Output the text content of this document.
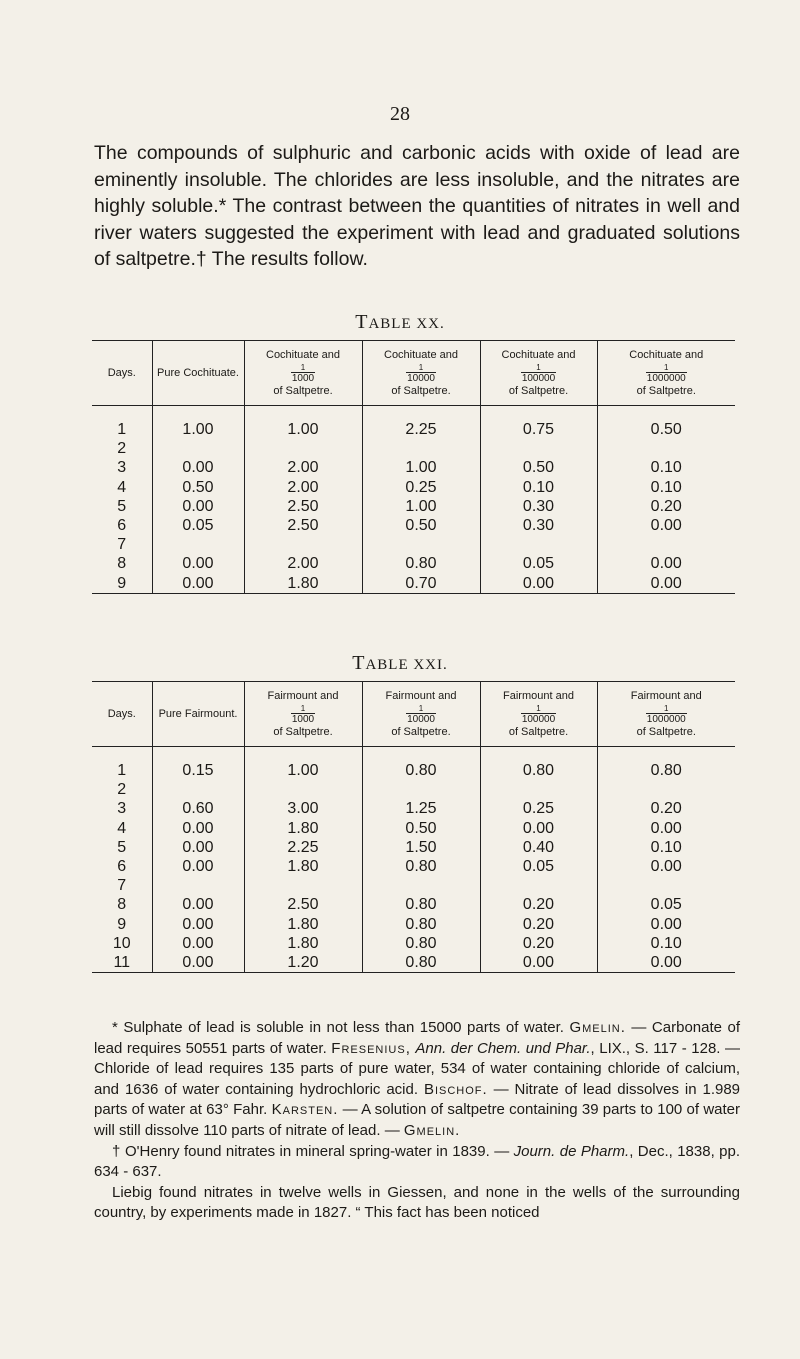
28

The compounds of sulphuric and carbonic acids with oxide of lead are eminently insoluble. The chlorides are less insoluble, and the nitrates are highly soluble.* The contrast between the quantities of nitrates in well and river waters suggested the experiment with lead and graduated solutions of saltpetre.† The results follow.

TABLE XX.
Days.	Pure Cochituate.	Cochituate and

$\frac{1}{1000}$

of Saltpetre.	Cochituate and

$\frac{1}{10000}$

of Saltpetre.	Cochituate and

$\frac{1}{100000}$

of Saltpetre.	Cochituate and

$\frac{1}{1000000}$

of Saltpetre.
1	1.00	1.00	2.25	0.75	0.50
2					
3	0.00	2.00	1.00	0.50	0.10
4	0.50	2.00	0.25	0.10	0.10
5	0.00	2.50	1.00	0.30	0.20
6	0.05	2.50	0.50	0.30	0.00
7					
8	0.00	2.00	0.80	0.05	0.00
9	0.00	1.80	0.70	0.00	0.00
TABLE XXI.
Days.	Pure Fairmount.	Fairmount and

$\frac{1}{1000}$

of Saltpetre.	Fairmount and

$\frac{1}{10000}$

of Saltpetre.	Fairmount and

$\frac{1}{100000}$

of Saltpetre.	Fairmount and

$\frac{1}{1000000}$

of Saltpetre.
1	0.15	1.00	0.80	0.80	0.80
2					
3	0.60	3.00	1.25	0.25	0.20
4	0.00	1.80	0.50	0.00	0.00
5	0.00	2.25	1.50	0.40	0.10
6	0.00	1.80	0.80	0.05	0.00
7					
8	0.00	2.50	0.80	0.20	0.05
9	0.00	1.80	0.80	0.20	0.00
10	0.00	1.80	0.80	0.20	0.10
11	0.00	1.20	0.80	0.00	0.00

* Sulphate of lead is soluble in not less than 15000 parts of water. Gmelin. — Carbonate of lead requires 50551 parts of water. Fresenius, Ann. der Chem. und Phar., LIX., S. 117 - 128. — Chloride of lead requires 135 parts of pure water, 534 of water containing chloride of calcium, and 1636 of water containing hydrochloric acid. Bischof. — Nitrate of lead dissolves in 1.989 parts of water at 63° Fahr. Karsten. — A solution of saltpetre containing 39 parts to 100 of water will still dissolve 110 parts of nitrate of lead. — Gmelin.

† O'Henry found nitrates in mineral spring-water in 1839. — Journ. de Pharm., Dec., 1838, pp. 634 - 637.

Liebig found nitrates in twelve wells in Giessen, and none in the wells of the surrounding country, by experiments made in 1827. “ This fact has been noticed
